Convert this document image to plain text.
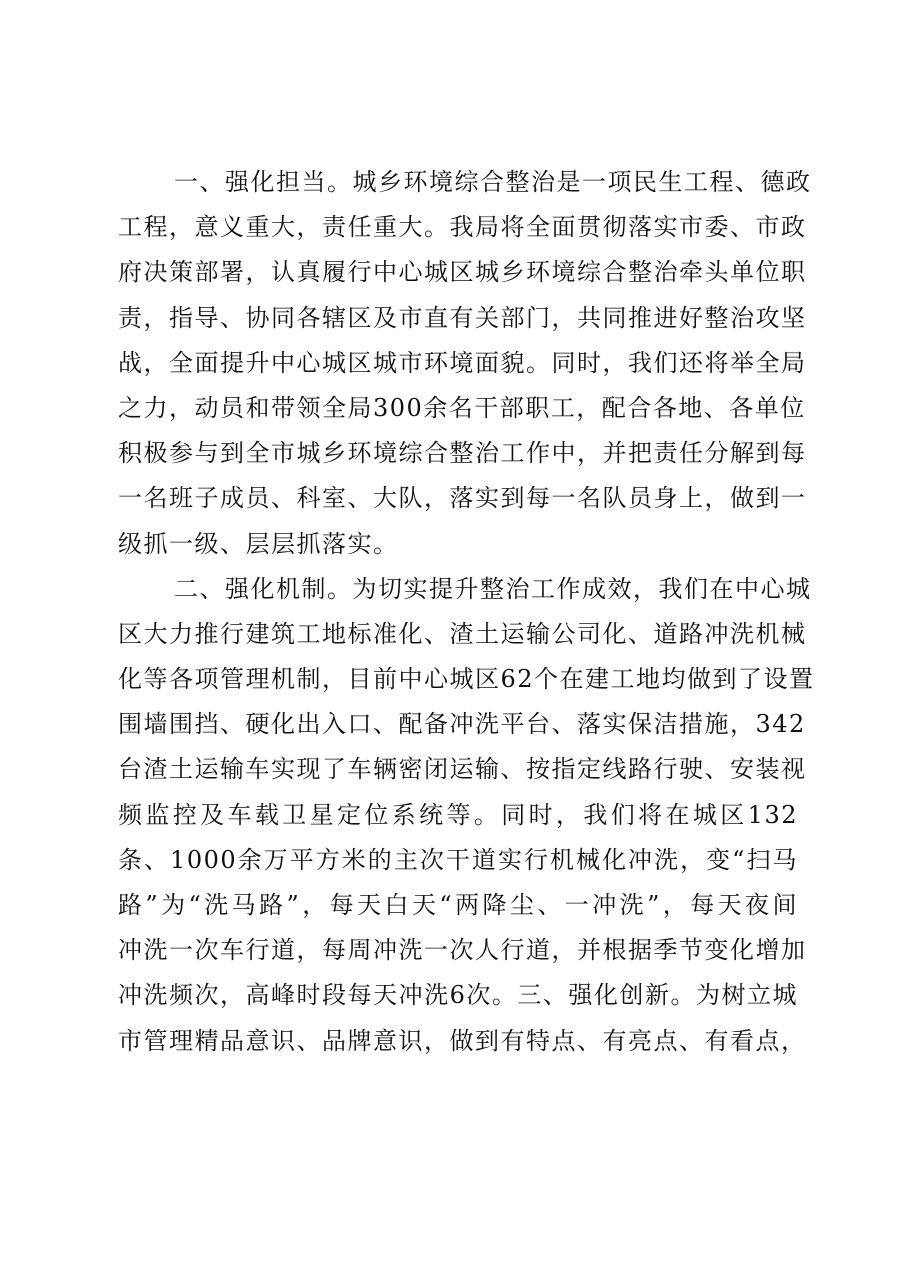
一、强化担当。城乡环境综合整治是一项民生工程、德政
工程，意义重大，责任重大。我局将全面贯彻落实市委、市政
府决策部署，认真履行中心城区城乡环境综合整治牵头单位职
责，指导、协同各辖区及市直有关部门，共同推进好整治攻坚
战，全面提升中心城区城市环境面貌。同时，我们还将举全局
之力，动员和带领全局300余名干部职工，配合各地、各单位
积极参与到全市城乡环境综合整治工作中，并把责任分解到每
一名班子成员、科室、大队，落实到每一名队员身上，做到一
级抓一级、层层抓落实。
二、强化机制。为切实提升整治工作成效，我们在中心城
区大力推行建筑工地标准化、渣土运输公司化、道路冲洗机械
化等各项管理机制，目前中心城区62个在建工地均做到了设置
围墙围挡、硬化出入口、配备冲洗平台、落实保洁措施，342
台渣土运输车实现了车辆密闭运输、按指定线路行驶、安装视
频监控及车载卫星定位系统等。同时，我们将在城区132
条、1000余万平方米的主次干道实行机械化冲洗，变“扫马
路”为“洗马路”，每天白天“两降尘、一冲洗”，每天夜间
冲洗一次车行道，每周冲洗一次人行道，并根据季节变化增加
冲洗频次，高峰时段每天冲洗6次。三、强化创新。为树立城
市管理精品意识、品牌意识，做到有特点、有亮点、有看点，
